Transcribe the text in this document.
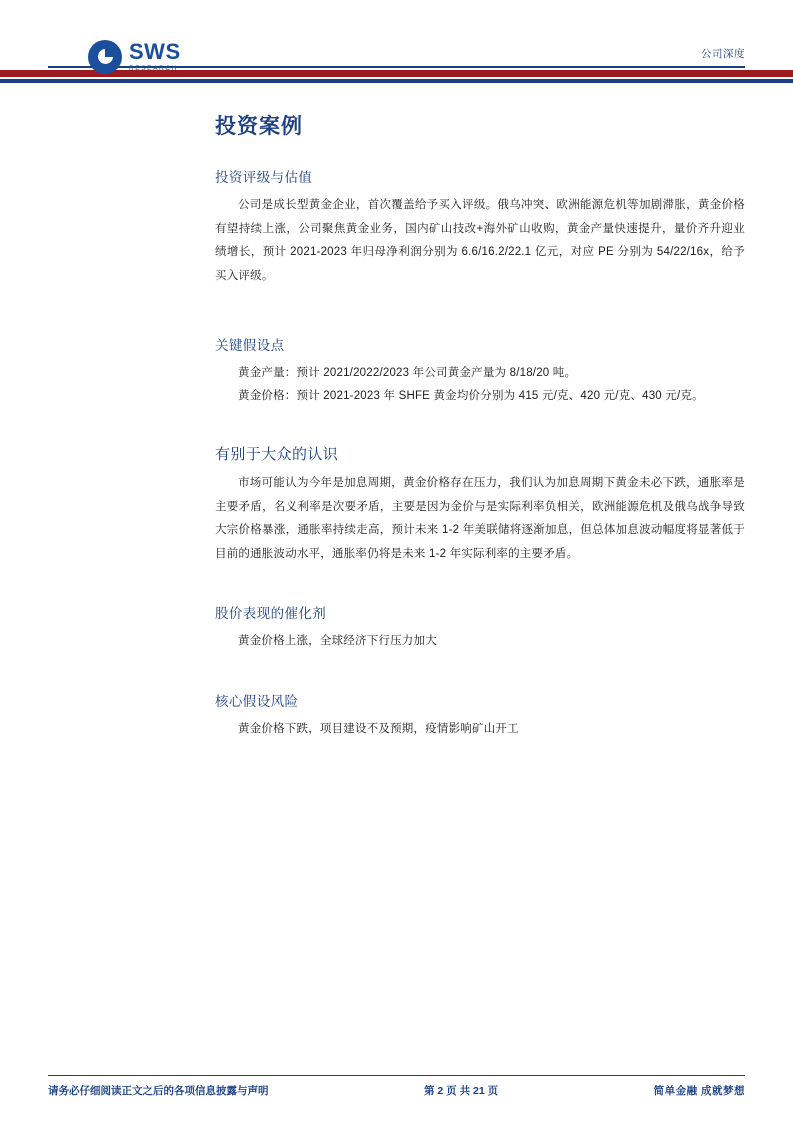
SWS
RESEARCH
公司深度
投资案例
投资评级与估值

公司是成长型黄金企业，首次覆盖给予买入评级。俄乌冲突、欧洲能源危机等加剧滞胀，黄金价格有望持续上涨，公司聚焦黄金业务，国内矿山技改+海外矿山收购，黄金产量快速提升，量价齐升迎业绩增长，预计 2021-2023 年归母净利润分别为 6.6/16.2/22.1 亿元，对应 PE 分别为 54/22/16x，给予买入评级。

关键假设点

黄金产量：预计 2021/2022/2023 年公司黄金产量为 8/18/20 吨。

黄金价格：预计 2021-2023 年 SHFE 黄金均价分别为 415 元/克、420 元/克、430 元/克。

有别于大众的认识

市场可能认为今年是加息周期，黄金价格存在压力，我们认为加息周期下黄金未必下跌，通胀率是主要矛盾，名义利率是次要矛盾，主要是因为金价与是实际利率负相关，欧洲能源危机及俄乌战争导致大宗价格暴涨，通胀率持续走高，预计未来 1-2 年美联储将逐渐加息，但总体加息波动幅度将显著低于目前的通胀波动水平，通胀率仍将是未来 1-2 年实际利率的主要矛盾。

股价表现的催化剂

黄金价格上涨，全球经济下行压力加大

核心假设风险

黄金价格下跌，项目建设不及预期，疫情影响矿山开工

请务必仔细阅读正文之后的各项信息披露与声明	第 2 页 共 21 页	简单金融 成就梦想
